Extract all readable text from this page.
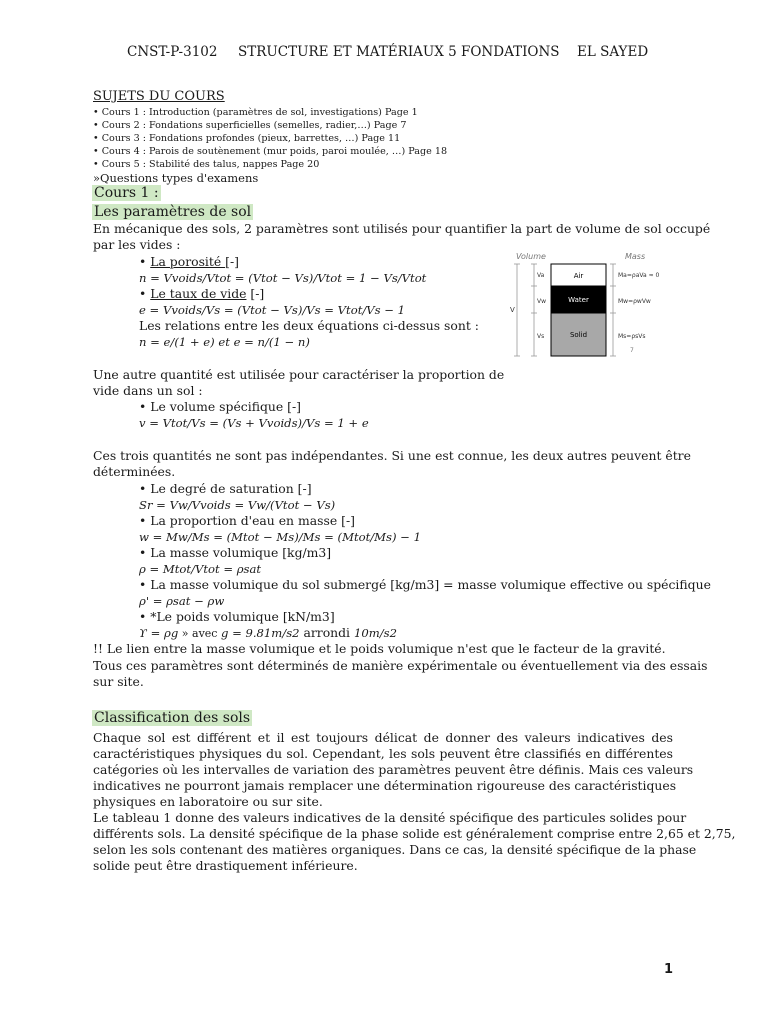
CNST-P-3102 STRUCTURE ET MATÉRIAUX 5 FONDATIONS EL SAYED
SUJETS DU COURS
• Cours 1 : Introduction (paramètres de sol, investigations) Page 1
• Cours 2 : Fondations superficielles (semelles, radier,…) Page 7
• Cours 3 : Fondations profondes (pieux, barrettes, …) Page 11
• Cours 4 : Parois de soutènement (mur poids, paroi moulée, …) Page 18
• Cours 5 : Stabilité des talus, nappes Page 20
»Questions types d'examens
Cours 1 :
Les paramètres de sol
En mécanique des sols, 2 paramètres sont utilisés pour quantifier la part de volume de sol occupé
par les vides :
• La porosité [-]
n = Vvoids/Vtot = (Vtot − Vs)/Vtot = 1 − Vs/Vtot
• Le taux de vide [-]
e = Vvoids/Vs = (Vtot − Vs)/Vs = Vtot/Vs − 1
Les relations entre les deux équations ci-dessus sont :
n = e/(1 + e) et e = n/(1 − n)
Une autre quantité est utilisée pour caractériser la proportion de
vide dans un sol :
• Le volume spécifique [-]
v = Vtot/Vs = (Vs + Vvoids)/Vs = 1 + e
Ces trois quantités ne sont pas indépendantes. Si une est connue, les deux autres peuvent être
déterminées.
• Le degré de saturation [-]
Sr = Vw/Vvoids = Vw/(Vtot − Vs)
• La proportion d'eau en masse [-]
w = Mw/Ms = (Mtot − Ms)/Ms = (Mtot/Ms) − 1
• La masse volumique [kg/m3]
ρ = Mtot/Vtot = ρsat
• La masse volumique du sol submergé [kg/m3] = masse volumique effective ou spécifique
ρ' = ρsat − ρw
• *Le poids volumique [kN/m3]
ϒ = ρg » avec g = 9.81m/s2 arrondi 10m/s2
!! Le lien entre la masse volumique et le poids volumique n'est que le facteur de la gravité.
Tous ces paramètres sont déterminés de manière expérimentale ou éventuellement via des essais
sur site.
Classification des sols
Chaque sol est différent et il est toujours délicat de donner des valeurs indicatives des
caractéristiques physiques du sol. Cependant, les sols peuvent être classifiés en différentes
catégories où les intervalles de variation des paramètres peuvent être définis. Mais ces valeurs
indicatives ne pourront jamais remplacer une détermination rigoureuse des caractéristiques
physiques en laboratoire ou sur site.
Le tableau 1 donne des valeurs indicatives de la densité spécifique des particules solides pour
différents sols. La densité spécifique de la phase solide est généralement comprise entre 2,65 et 2,75,
selon les sols contenant des matières organiques. Dans ce cas, la densité spécifique de la phase
solide peut être drastiquement inférieure.
Volume	Mass
V
Va
Vw
Vs
Air
Water
Solid
Ma=ρaVa ≈ 0
Mw=ρwVw
Ms=ρsVs
7
1
